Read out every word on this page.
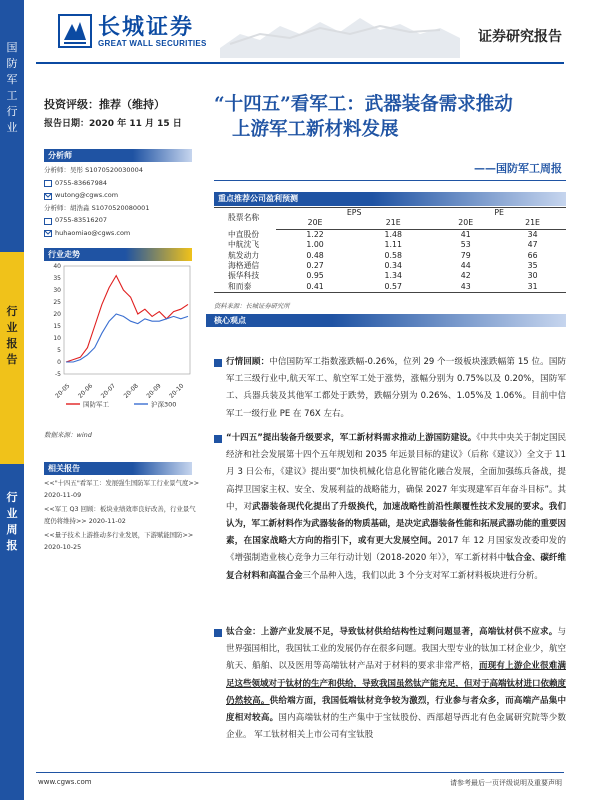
长城证券
GREAT WALL SECURITIES	证券研究报告
国
防
军
工
行
业
行
业
报
告
行
业
周
报
投资评级：推荐（维持）
报告日期：2020 年 11 月 15 日
分析师
分析师：吴彤 S1070520030004
0755-83667984
wutong@cgws.com
分析师：胡浩淼 S1070520080001
0755-83516207
huhaomiao@cgws.com
行业走势
-5
0
5
10
15
20
25
30
35
40
20-05 20-06 20-07 20-08 20-09 20-10
国防军工	沪深300
数据来源：wind
相关报告
<<"十四五"看军工：发展强生国防军工行业景气度>> 2020-11-09
<<军工 Q3 回顾：板块业绩效率良好改善，行业景气度仍将维持>> 2020-11-02
<<量子技术上游推动多行业发展，下游赋能国防>> 2020-10-25
“十四五”看军工：武器装备需求推动
上游军工新材料发展
——国防军工周报
重点推荐公司盈利预测
股票名称	EPS		PE	
	20E	21E	20E	21E
中直股份	1.22	1.48	41	34
中航沈飞	1.00	1.11	53	47
航发动力	0.48	0.58	79	66
海格通信	0.27	0.34	44	35
振华科技	0.95	1.34	42	30
和而泰	0.41	0.57	43	31
资料来源：长城证券研究所
核心观点
行情回顾：中信国防军工指数涨跌幅-0.26%，位列 29 个一级板块涨跌幅第 15 位。国防军工三级行业中,航天军工、航空军工处于涨势，涨幅分别为 0.75%以及 0.20%，国防军工、兵器兵装及其他军工都处于跌势，跌幅分别为 0.26%、1.05%及 1.06%。目前中信军工一级行业 PE 在 76X 左右。
“十四五”提出装备升级要求，军工新材料需求推动上游国防建设。《中共中央关于制定国民经济和社会发展第十四个五年规划和 2035 年远景目标的建议》（后称《建议》）全文于 11 月 3 日公布，《建议》提出要“加快机械化信息化智能化融合发展，全面加强练兵备战，提高捍卫国家主权、安全、发展利益的战略能力，确保 2027 年实现建军百年奋斗目标”。其中，对武器装备现代化提出了升级换代，加速战略性前沿性颠覆性技术发展的要求。我们认为，军工新材料作为武器装备的物质基础，是决定武器装备性能和拓展武器功能的重要因素，在国家战略大方向的指引下，或有更大发展空间。2017 年 12 月国家发改委印发的《增强制造业核心竞争力三年行动计划（2018-2020 年）》，军工新材料中钛合金、碳纤维复合材料和高温合金三个品种入选，我们以此 3 个分支对军工新材料板块进行分析。
钛合金：上游产业发展不足，导致钛材供给结构性过剩问题显著，高端钛材供不应求。与世界强国相比，我国钛工业的发展仍存在很多问题。我国大型专业的钛加工材企业少，航空航天、船舶、以及医用等高端钛材产品对于材料的要求非常严格，而现有上游企业很难满足这些领域对于钛材的生产和供给，导致我国虽然钛产能充足，但对于高端钛材进口依赖度仍然较高。供给端方面，我国低端钛材竞争较为激烈，行业参与者众多，而高端产品集中度相对较高。国内高端钛材的生产集中于宝钛股份、西部超导西北有色金属研究院等少数企业。 军工钛材相关上市公司有宝钛股
www.cgws.com	请参考最后一页评级说明及重要声明
